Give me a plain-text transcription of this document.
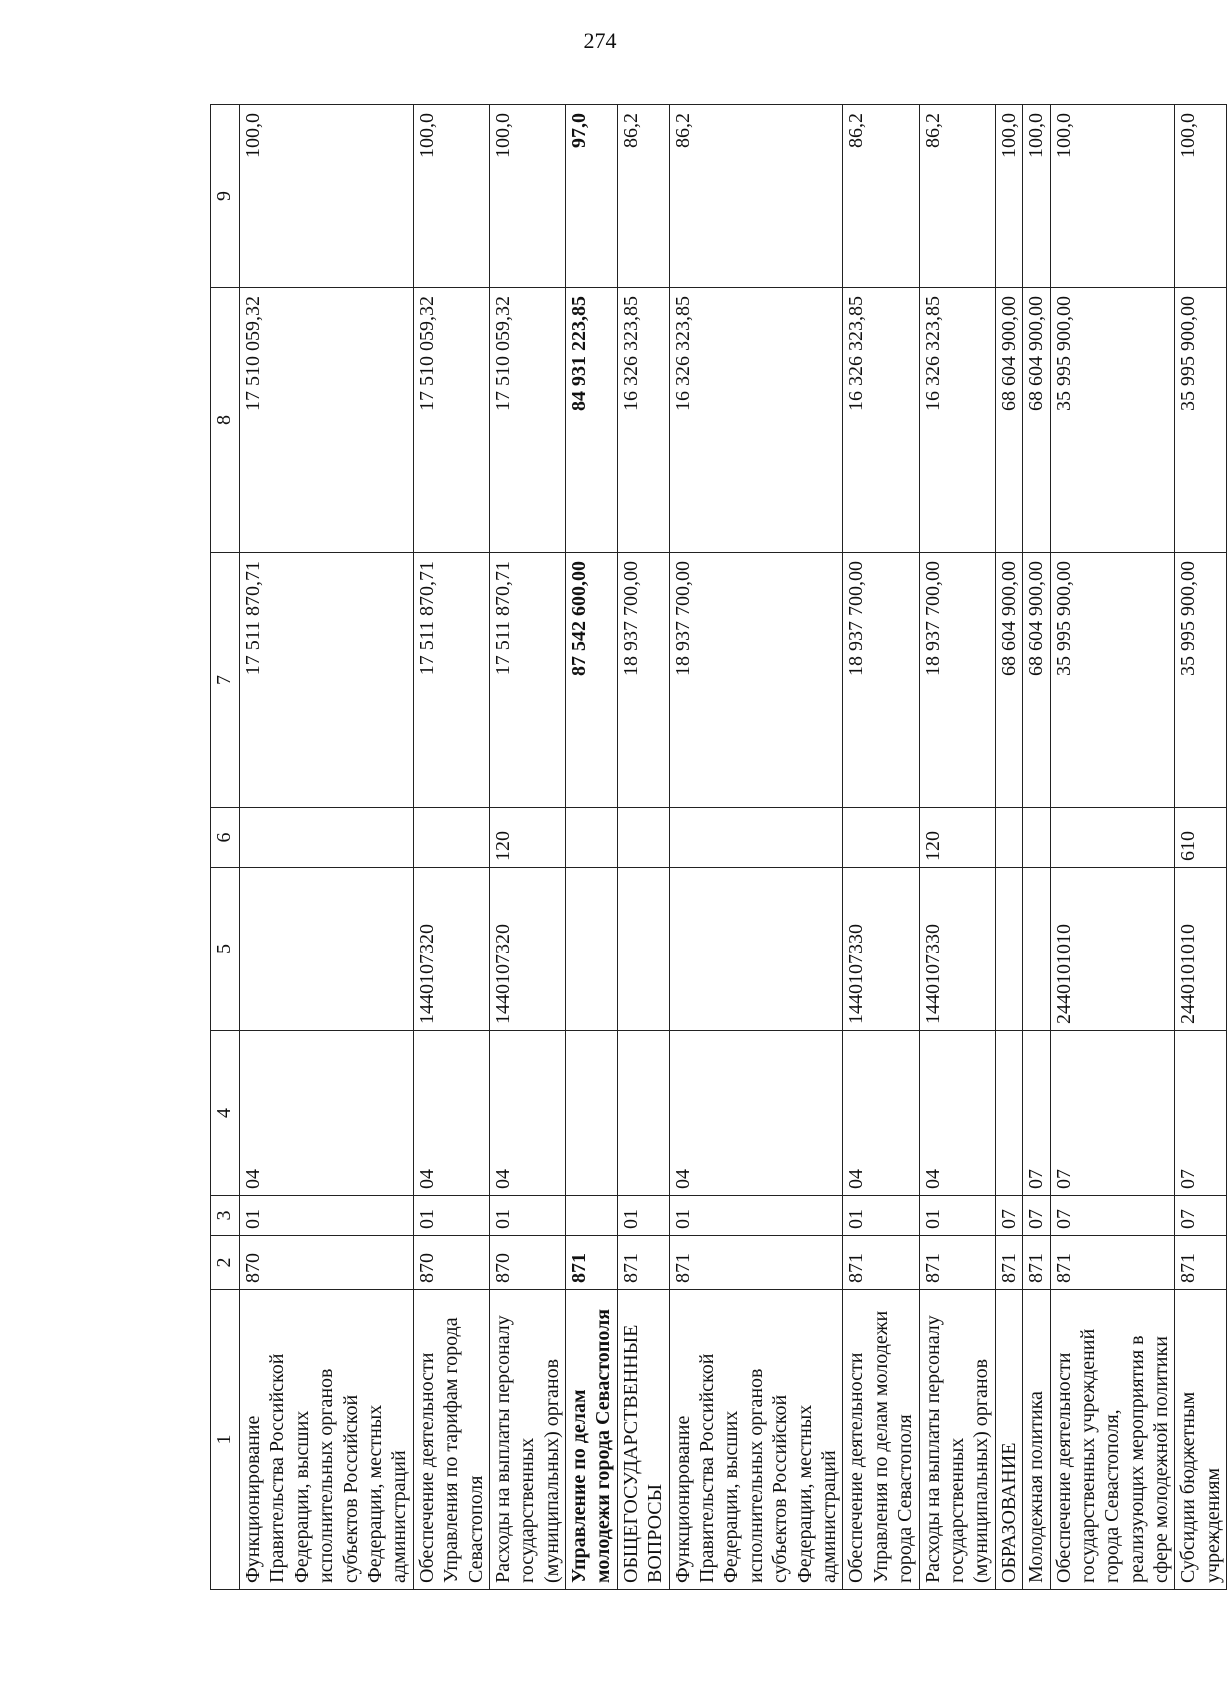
274
1	2	3	4	5	6	7	8	9
Функционирование Правительства Российской Федерации, высших исполнительных органов субъектов Российской Федерации, местных администраций	870	01	04			17 511 870,71	17 510 059,32	100,0
Обеспечение деятельности Управления по тарифам города Севастополя	870	01	04	1440107320		17 511 870,71	17 510 059,32	100,0
Расходы на выплаты персоналу государственных (муниципальных) органов	870	01	04	1440107320	120	17 511 870,71	17 510 059,32	100,0
Управление по делам молодежи города Севастополя	871					87 542 600,00	84 931 223,85	97,0
ОБЩЕГОСУДАРСТВЕННЫЕ ВОПРОСЫ	871	01				18 937 700,00	16 326 323,85	86,2
Функционирование Правительства Российской Федерации, высших исполнительных органов субъектов Российской Федерации, местных администраций	871	01	04			18 937 700,00	16 326 323,85	86,2
Обеспечение деятельности Управления по делам молодежи города Севастополя	871	01	04	1440107330		18 937 700,00	16 326 323,85	86,2
Расходы на выплаты персоналу государственных (муниципальных) органов	871	01	04	1440107330	120	18 937 700,00	16 326 323,85	86,2
ОБРАЗОВАНИЕ	871	07				68 604 900,00	68 604 900,00	100,0
Молодежная политика	871	07	07			68 604 900,00	68 604 900,00	100,0
Обеспечение деятельности государственных учреждений города Севастополя, реализующих мероприятия в сфере молодежной политики	871	07	07	2440101010		35 995 900,00	35 995 900,00	100,0
Субсидии бюджетным учреждениям	871	07	07	2440101010	610	35 995 900,00	35 995 900,00	100,0
